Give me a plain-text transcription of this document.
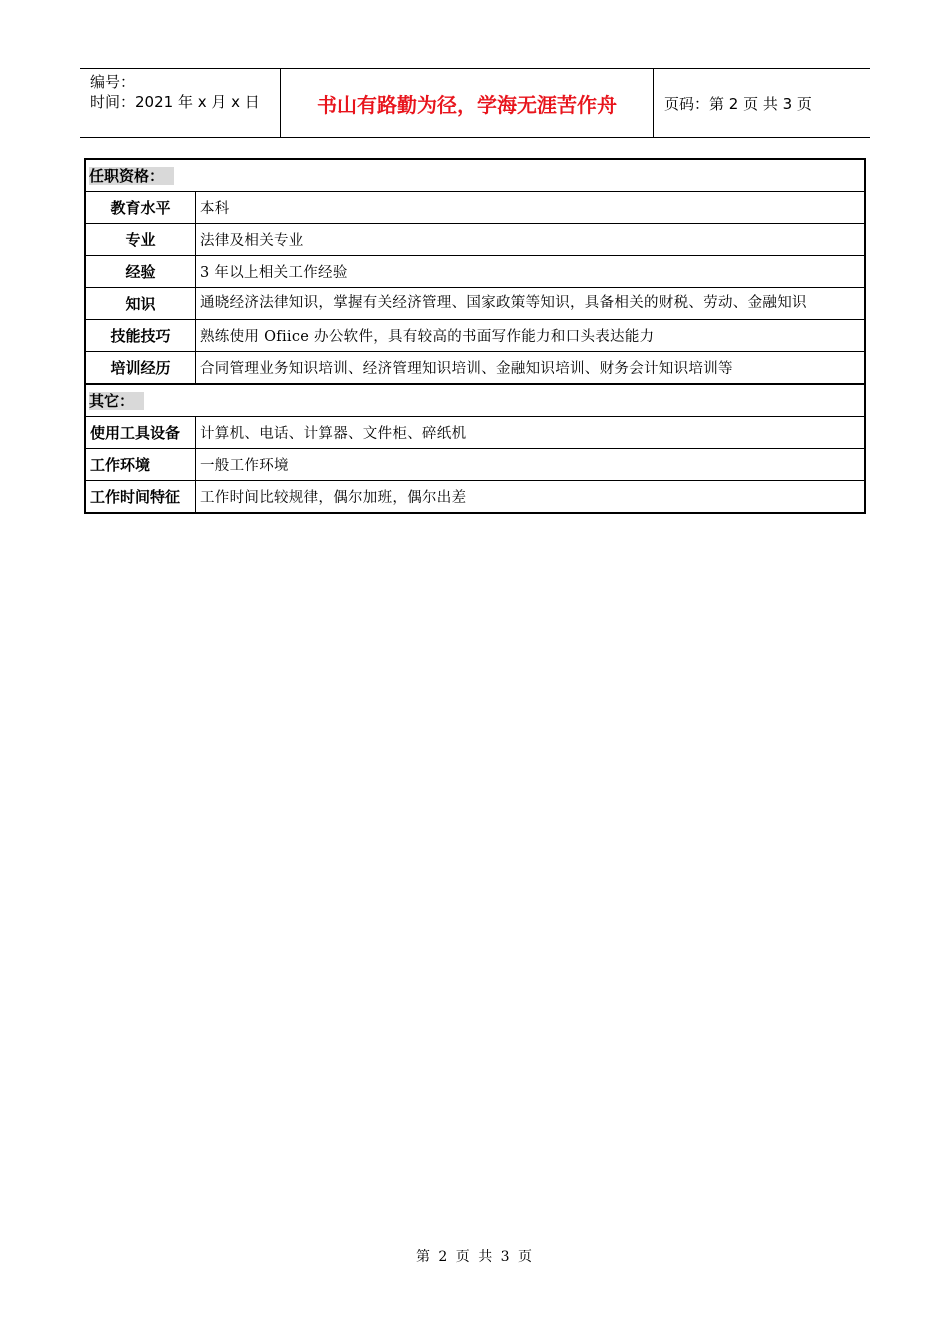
编号：
时间：2021 年 x 月 x 日	书山有路勤为径，学海无涯苦作舟	页码：第 2 页 共 3 页
任职资格：	
教育水平	本科
专业	法律及相关专业
经验	3 年以上相关工作经验
知识	通晓经济法律知识，掌握有关经济管理、国家政策等知识，具备相关的财税、劳动、金融知识
技能技巧	熟练使用 Ofiice 办公软件，具有较高的书面写作能力和口头表达能力
培训经历	合同管理业务知识培训、经济管理知识培训、金融知识培训、财务会计知识培训等
其它：	
使用工具设备	计算机、电话、计算器、文件柜、碎纸机
工作环境	一般工作环境
工作时间特征	工作时间比较规律，偶尔加班，偶尔出差
第 2 页 共 3 页
